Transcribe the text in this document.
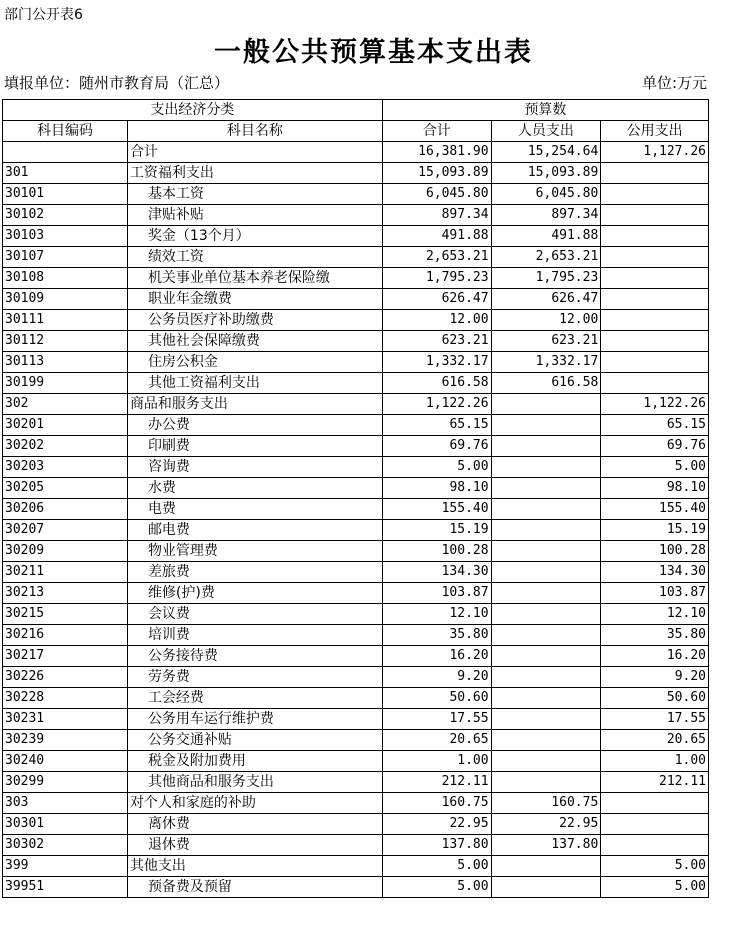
部门公开表6
一般公共预算基本支出表
填报单位：随州市教育局（汇总）	单位:万元
支出经济分类		预算数		
科目编码	科目名称	合计	人员支出	公用支出
	合计	16,381.90	15,254.64	1,127.26
301	工资福利支出	15,093.89	15,093.89	
30101	基本工资	6,045.80	6,045.80	
30102	津贴补贴	897.34	897.34	
30103	奖金（13个月）	491.88	491.88	
30107	绩效工资	2,653.21	2,653.21	
30108	机关事业单位基本养老保险缴	1,795.23	1,795.23	
30109	职业年金缴费	626.47	626.47	
30111	公务员医疗补助缴费	12.00	12.00	
30112	其他社会保障缴费	623.21	623.21	
30113	住房公积金	1,332.17	1,332.17	
30199	其他工资福利支出	616.58	616.58	
302	商品和服务支出	1,122.26		1,122.26
30201	办公费	65.15		65.15
30202	印刷费	69.76		69.76
30203	咨询费	5.00		5.00
30205	水费	98.10		98.10
30206	电费	155.40		155.40
30207	邮电费	15.19		15.19
30209	物业管理费	100.28		100.28
30211	差旅费	134.30		134.30
30213	维修(护)费	103.87		103.87
30215	会议费	12.10		12.10
30216	培训费	35.80		35.80
30217	公务接待费	16.20		16.20
30226	劳务费	9.20		9.20
30228	工会经费	50.60		50.60
30231	公务用车运行维护费	17.55		17.55
30239	公务交通补贴	20.65		20.65
30240	税金及附加费用	1.00		1.00
30299	其他商品和服务支出	212.11		212.11
303	对个人和家庭的补助	160.75	160.75	
30301	离休费	22.95	22.95	
30302	退休费	137.80	137.80	
399	其他支出	5.00		5.00
39951	预备费及预留	5.00		5.00
